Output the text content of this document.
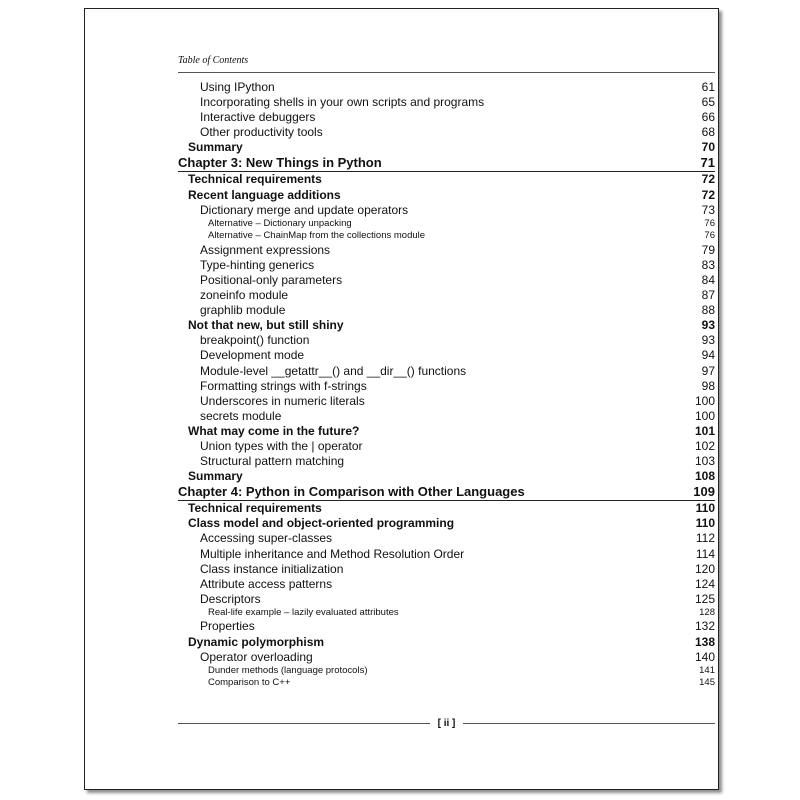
Table of Contents
Using IPython	61
Incorporating shells in your own scripts and programs	65
Interactive debuggers	66
Other productivity tools	68
Summary	70
Chapter 3: New Things in Python	71
Technical requirements	72
Recent language additions	72
Dictionary merge and update operators	73
Alternative – Dictionary unpacking	76
Alternative – ChainMap from the collections module	76
Assignment expressions	79
Type-hinting generics	83
Positional-only parameters	84
zoneinfo module	87
graphlib module	88
Not that new, but still shiny	93
breakpoint() function	93
Development mode	94
Module-level __getattr__() and __dir__() functions	97
Formatting strings with f-strings	98
Underscores in numeric literals	100
secrets module	100
What may come in the future?	101
Union types with the | operator	102
Structural pattern matching	103
Summary	108
Chapter 4: Python in Comparison with Other Languages	109
Technical requirements	110
Class model and object-oriented programming	110
Accessing super-classes	112
Multiple inheritance and Method Resolution Order	114
Class instance initialization	120
Attribute access patterns	124
Descriptors	125
Real-life example – lazily evaluated attributes	128
Properties	132
Dynamic polymorphism	138
Operator overloading	140
Dunder methods (language protocols)	141
Comparison to C++	145
[ ii ]
